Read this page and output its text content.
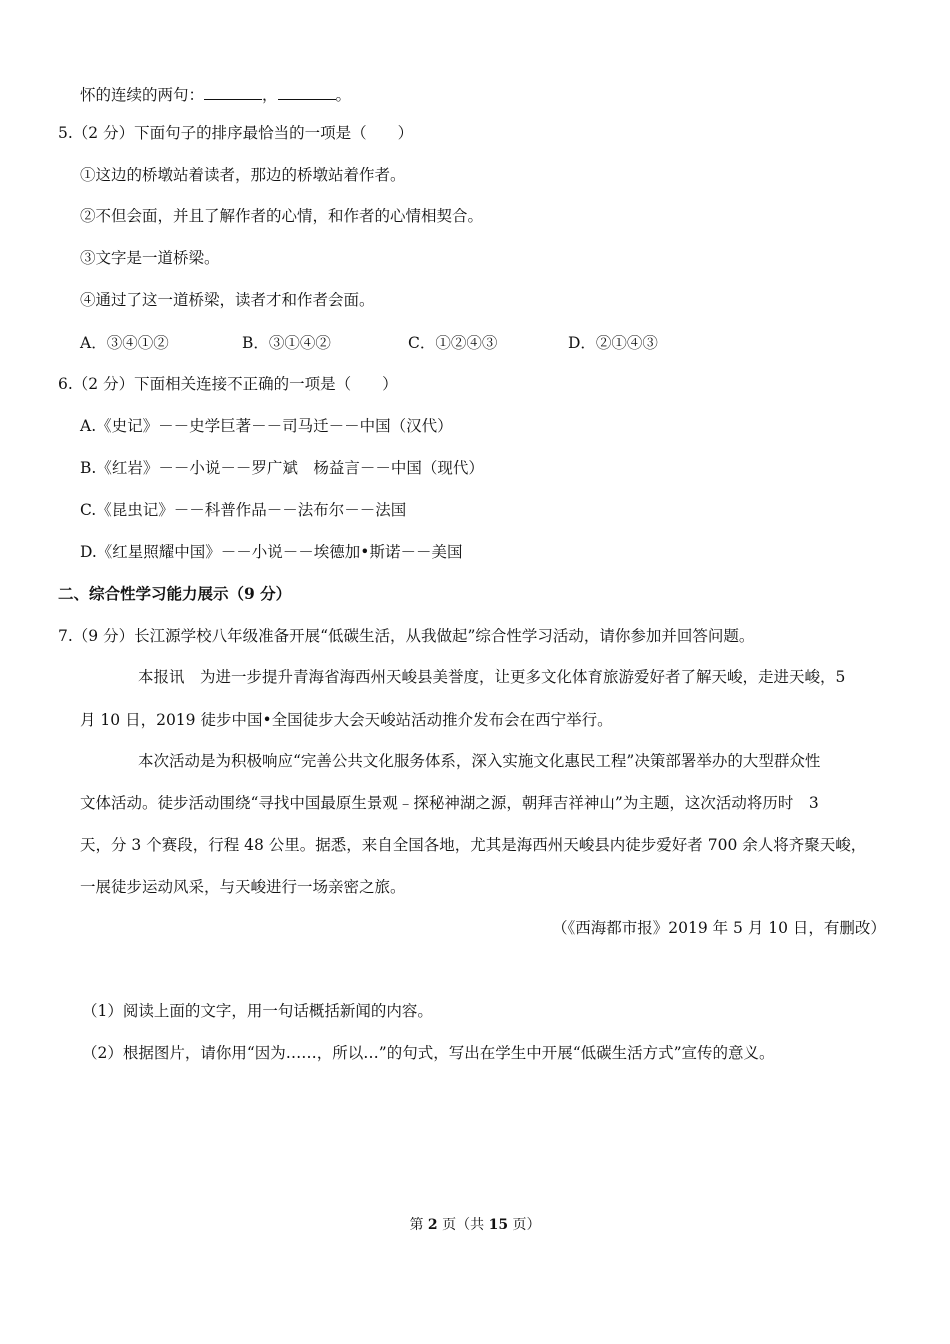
怀的连续的两句：	，	。
5.（2 分）下面句子的排序最恰当的一项是（　　）
①这边的桥墩站着读者，那边的桥墩站着作者。
②不但会面，并且了解作者的心情，和作者的心情相契合。
③文字是一道桥梁。
④通过了这一道桥梁，读者才和作者会面。
A．③④①②	B．③①④②	C．①②④③	D．②①④③
6.（2 分）下面相关连接不正确的一项是（　　）
A.《史记》－－史学巨著－－司马迁－－中国（汉代）
B.《红岩》－－小说－－罗广斌　杨益言－－中国（现代）
C.《昆虫记》－－科普作品－－法布尔－－法国
D.《红星照耀中国》－－小说－－埃德加•斯诺－－美国
二、综合性学习能力展示（9 分）
7.（9 分）长江源学校八年级准备开展“低碳生活，从我做起”综合性学习活动，请你参加并回答问题。
本报讯　为进一步提升青海省海西州天峻县美誉度，让更多文化体育旅游爱好者了解天峻，走进天峻，5
月 10 日，2019 徒步中国•全国徒步大会天峻站活动推介发布会在西宁举行。
本次活动是为积极响应“完善公共文化服务体系，深入实施文化惠民工程”决策部署举办的大型群众性
文体活动。徒步活动围绕“寻找中国最原生景观﹣探秘神湖之源，朝拜吉祥神山”为主题，这次活动将历时　3
天，分 3 个赛段，行程 48 公里。据悉，来自全国各地，尤其是海西州天峻县内徒步爱好者 700 余人将齐聚天峻，
一展徒步运动风采，与天峻进行一场亲密之旅。
（《西海都市报》2019 年 5 月 10 日，有删改）
（1）阅读上面的文字，用一句话概括新闻的内容。
（2）根据图片，请你用“因为……，所以…”的句式，写出在学生中开展“低碳生活方式”宣传的意义。
第 2 页（共 15 页）
